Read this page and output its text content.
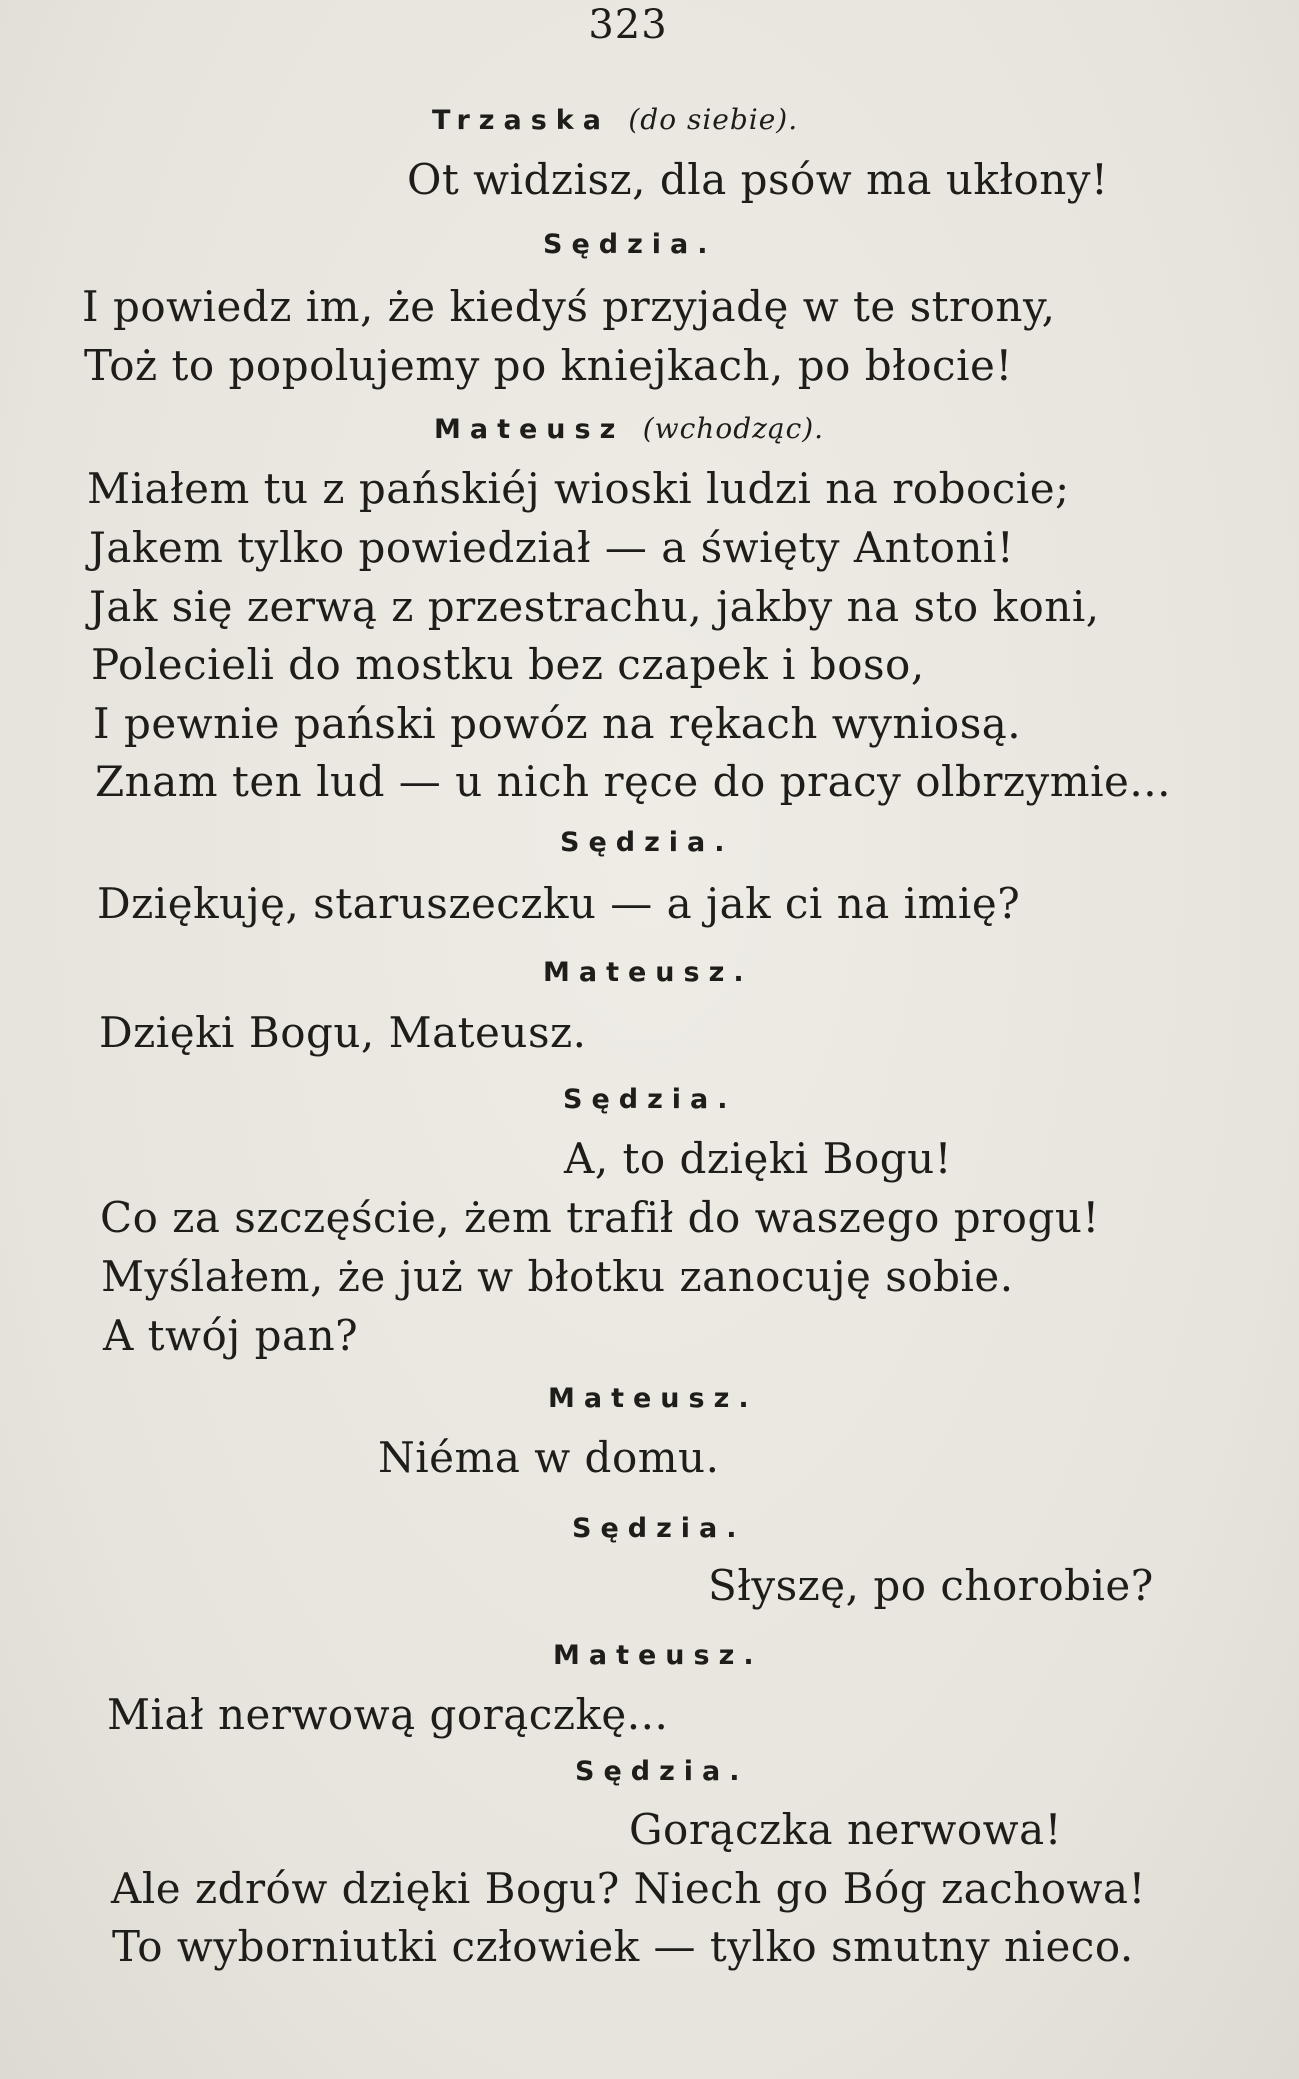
323
Trzaska (do siebie).
Ot widzisz, dla psów ma ukłony!
Sędzia.
I powiedz im, że kiedyś przyjadę w te strony,
Toż to popolujemy po kniejkach, po błocie!
Mateusz (wchodząc).
Miałem tu z pańskiéj wioski ludzi na robocie;
Jakem tylko powiedział — a święty Antoni!
Jak się zerwą z przestrachu, jakby na sto koni,
Polecieli do mostku bez czapek i boso,
I pewnie pański powóz na rękach wyniosą.
Znam ten lud — u nich ręce do pracy olbrzymie...
Sędzia.
Dziękuję, staruszeczku — a jak ci na imię?
Mateusz.
Dzięki Bogu, Mateusz.
Sędzia.
A, to dzięki Bogu!
Co za szczęście, żem trafił do waszego progu!
Myślałem, że już w błotku zanocuję sobie.
A twój pan?
Mateusz.
Niéma w domu.
Sędzia.
Słyszę, po chorobie?
Mateusz.
Miał nerwową gorączkę...
Sędzia.
Gorączka nerwowa!
Ale zdrów dzięki Bogu? Niech go Bóg zachowa!
To wyborniutki człowiek — tylko smutny nieco.
